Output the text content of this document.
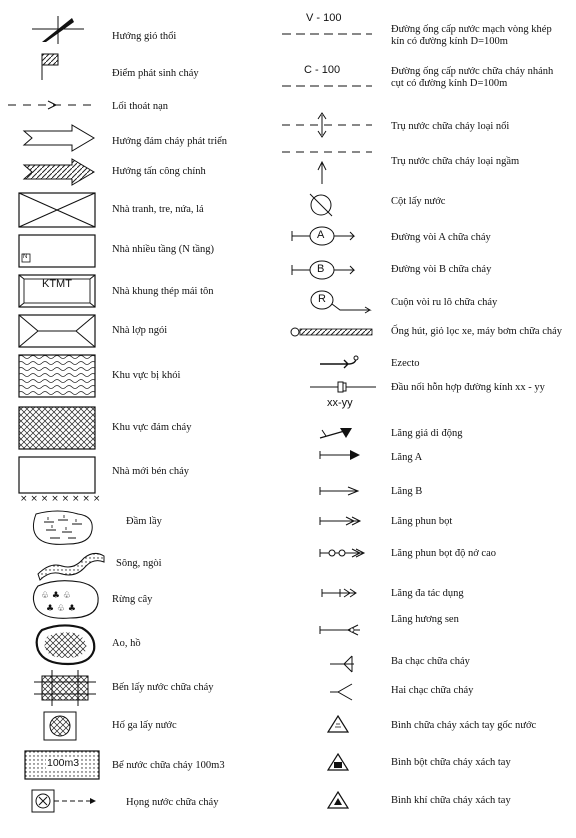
Hướng gió thổi
Điểm phát sinh cháy
Lối thoát nạn
Hướng đám cháy phát triển
Hướng tấn công chính
Nhà tranh, tre, nứa, lá
N
Nhà nhiều tầng (N tầng)
KTMT
Nhà khung thép mái tôn
Nhà lợp ngói
Khu vực bị khói
Khu vực đám cháy
× × × × × × × ×
Nhà mới bén cháy
Đầm lầy
Sông, ngòi
♧ ♣ ♧
♣ ♧ ♣
Rừng cây
Ao, hồ
Bến lấy nước chữa cháy
Hố ga lấy nước
100m3	Bể nước chữa cháy 100m3
Họng nước chữa cháy
V - 100
Đường ống cấp nước mạch vòng khép kín có đường kính D=100m
C - 100	Đường ống cấp nước chữa cháy nhánh cụt có đường kính D=100m
Trụ nước chữa cháy loại nổi
Trụ nước chữa cháy loại ngầm
Cột lấy nước
A	Đường vòi A chữa cháy
B	Đường vòi B chữa cháy
R	Cuộn vòi ru lô chữa cháy
Ống hút, giỏ lọc xe, máy bơm chữa cháy
Ezecto
xx-yy
Đầu nối hỗn hợp đường kính xx - yy
Lăng giá di động
Lăng A
Lăng B
Lăng phun bọt
Lăng phun bọt độ nở cao
Lăng đa tác dụng
Lăng hương sen
Ba chạc chữa cháy
Hai chạc chữa cháy
Bình chữa cháy xách tay gốc nước
Bình bột chữa cháy xách tay
Bình khí chữa cháy xách tay
